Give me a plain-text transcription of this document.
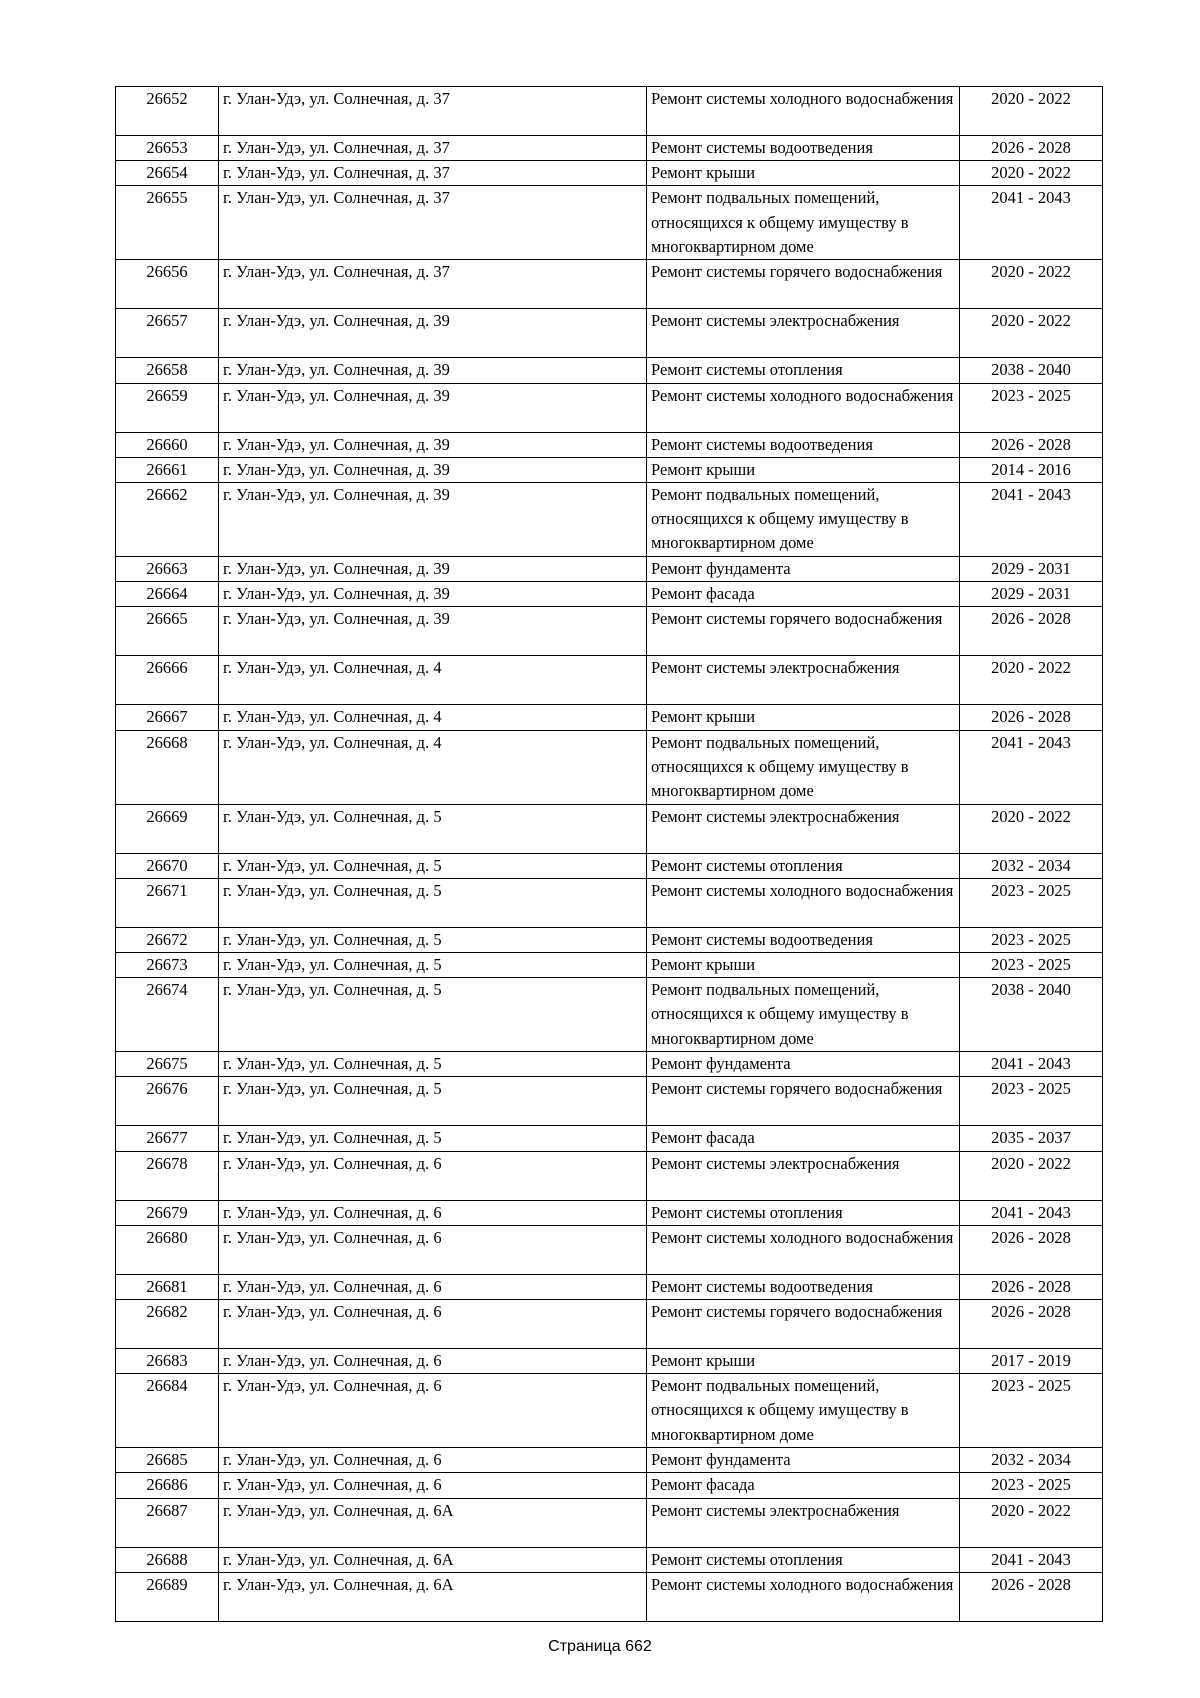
26652	г. Улан-Удэ, ул. Солнечная, д. 37	Ремонт системы холодного водоснабжения	2020 - 2022
26653	г. Улан-Удэ, ул. Солнечная, д. 37	Ремонт системы водоотведения	2026 - 2028
26654	г. Улан-Удэ, ул. Солнечная, д. 37	Ремонт крыши	2020 - 2022
26655	г. Улан-Удэ, ул. Солнечная, д. 37	Ремонт подвальных помещений, относящихся к общему имуществу в многоквартирном доме	2041 - 2043
26656	г. Улан-Удэ, ул. Солнечная, д. 37	Ремонт системы горячего водоснабжения	2020 - 2022
26657	г. Улан-Удэ, ул. Солнечная, д. 39	Ремонт системы электроснабжения	2020 - 2022
26658	г. Улан-Удэ, ул. Солнечная, д. 39	Ремонт системы отопления	2038 - 2040
26659	г. Улан-Удэ, ул. Солнечная, д. 39	Ремонт системы холодного водоснабжения	2023 - 2025
26660	г. Улан-Удэ, ул. Солнечная, д. 39	Ремонт системы водоотведения	2026 - 2028
26661	г. Улан-Удэ, ул. Солнечная, д. 39	Ремонт крыши	2014 - 2016
26662	г. Улан-Удэ, ул. Солнечная, д. 39	Ремонт подвальных помещений, относящихся к общему имуществу в многоквартирном доме	2041 - 2043
26663	г. Улан-Удэ, ул. Солнечная, д. 39	Ремонт фундамента	2029 - 2031
26664	г. Улан-Удэ, ул. Солнечная, д. 39	Ремонт фасада	2029 - 2031
26665	г. Улан-Удэ, ул. Солнечная, д. 39	Ремонт системы горячего водоснабжения	2026 - 2028
26666	г. Улан-Удэ, ул. Солнечная, д. 4	Ремонт системы электроснабжения	2020 - 2022
26667	г. Улан-Удэ, ул. Солнечная, д. 4	Ремонт крыши	2026 - 2028
26668	г. Улан-Удэ, ул. Солнечная, д. 4	Ремонт подвальных помещений, относящихся к общему имуществу в многоквартирном доме	2041 - 2043
26669	г. Улан-Удэ, ул. Солнечная, д. 5	Ремонт системы электроснабжения	2020 - 2022
26670	г. Улан-Удэ, ул. Солнечная, д. 5	Ремонт системы отопления	2032 - 2034
26671	г. Улан-Удэ, ул. Солнечная, д. 5	Ремонт системы холодного водоснабжения	2023 - 2025
26672	г. Улан-Удэ, ул. Солнечная, д. 5	Ремонт системы водоотведения	2023 - 2025
26673	г. Улан-Удэ, ул. Солнечная, д. 5	Ремонт крыши	2023 - 2025
26674	г. Улан-Удэ, ул. Солнечная, д. 5	Ремонт подвальных помещений, относящихся к общему имуществу в многоквартирном доме	2038 - 2040
26675	г. Улан-Удэ, ул. Солнечная, д. 5	Ремонт фундамента	2041 - 2043
26676	г. Улан-Удэ, ул. Солнечная, д. 5	Ремонт системы горячего водоснабжения	2023 - 2025
26677	г. Улан-Удэ, ул. Солнечная, д. 5	Ремонт фасада	2035 - 2037
26678	г. Улан-Удэ, ул. Солнечная, д. 6	Ремонт системы электроснабжения	2020 - 2022
26679	г. Улан-Удэ, ул. Солнечная, д. 6	Ремонт системы отопления	2041 - 2043
26680	г. Улан-Удэ, ул. Солнечная, д. 6	Ремонт системы холодного водоснабжения	2026 - 2028
26681	г. Улан-Удэ, ул. Солнечная, д. 6	Ремонт системы водоотведения	2026 - 2028
26682	г. Улан-Удэ, ул. Солнечная, д. 6	Ремонт системы горячего водоснабжения	2026 - 2028
26683	г. Улан-Удэ, ул. Солнечная, д. 6	Ремонт крыши	2017 - 2019
26684	г. Улан-Удэ, ул. Солнечная, д. 6	Ремонт подвальных помещений, относящихся к общему имуществу в многоквартирном доме	2023 - 2025
26685	г. Улан-Удэ, ул. Солнечная, д. 6	Ремонт фундамента	2032 - 2034
26686	г. Улан-Удэ, ул. Солнечная, д. 6	Ремонт фасада	2023 - 2025
26687	г. Улан-Удэ, ул. Солнечная, д. 6А	Ремонт системы электроснабжения	2020 - 2022
26688	г. Улан-Удэ, ул. Солнечная, д. 6А	Ремонт системы отопления	2041 - 2043
26689	г. Улан-Удэ, ул. Солнечная, д. 6А	Ремонт системы холодного водоснабжения	2026 - 2028
Страница 662
